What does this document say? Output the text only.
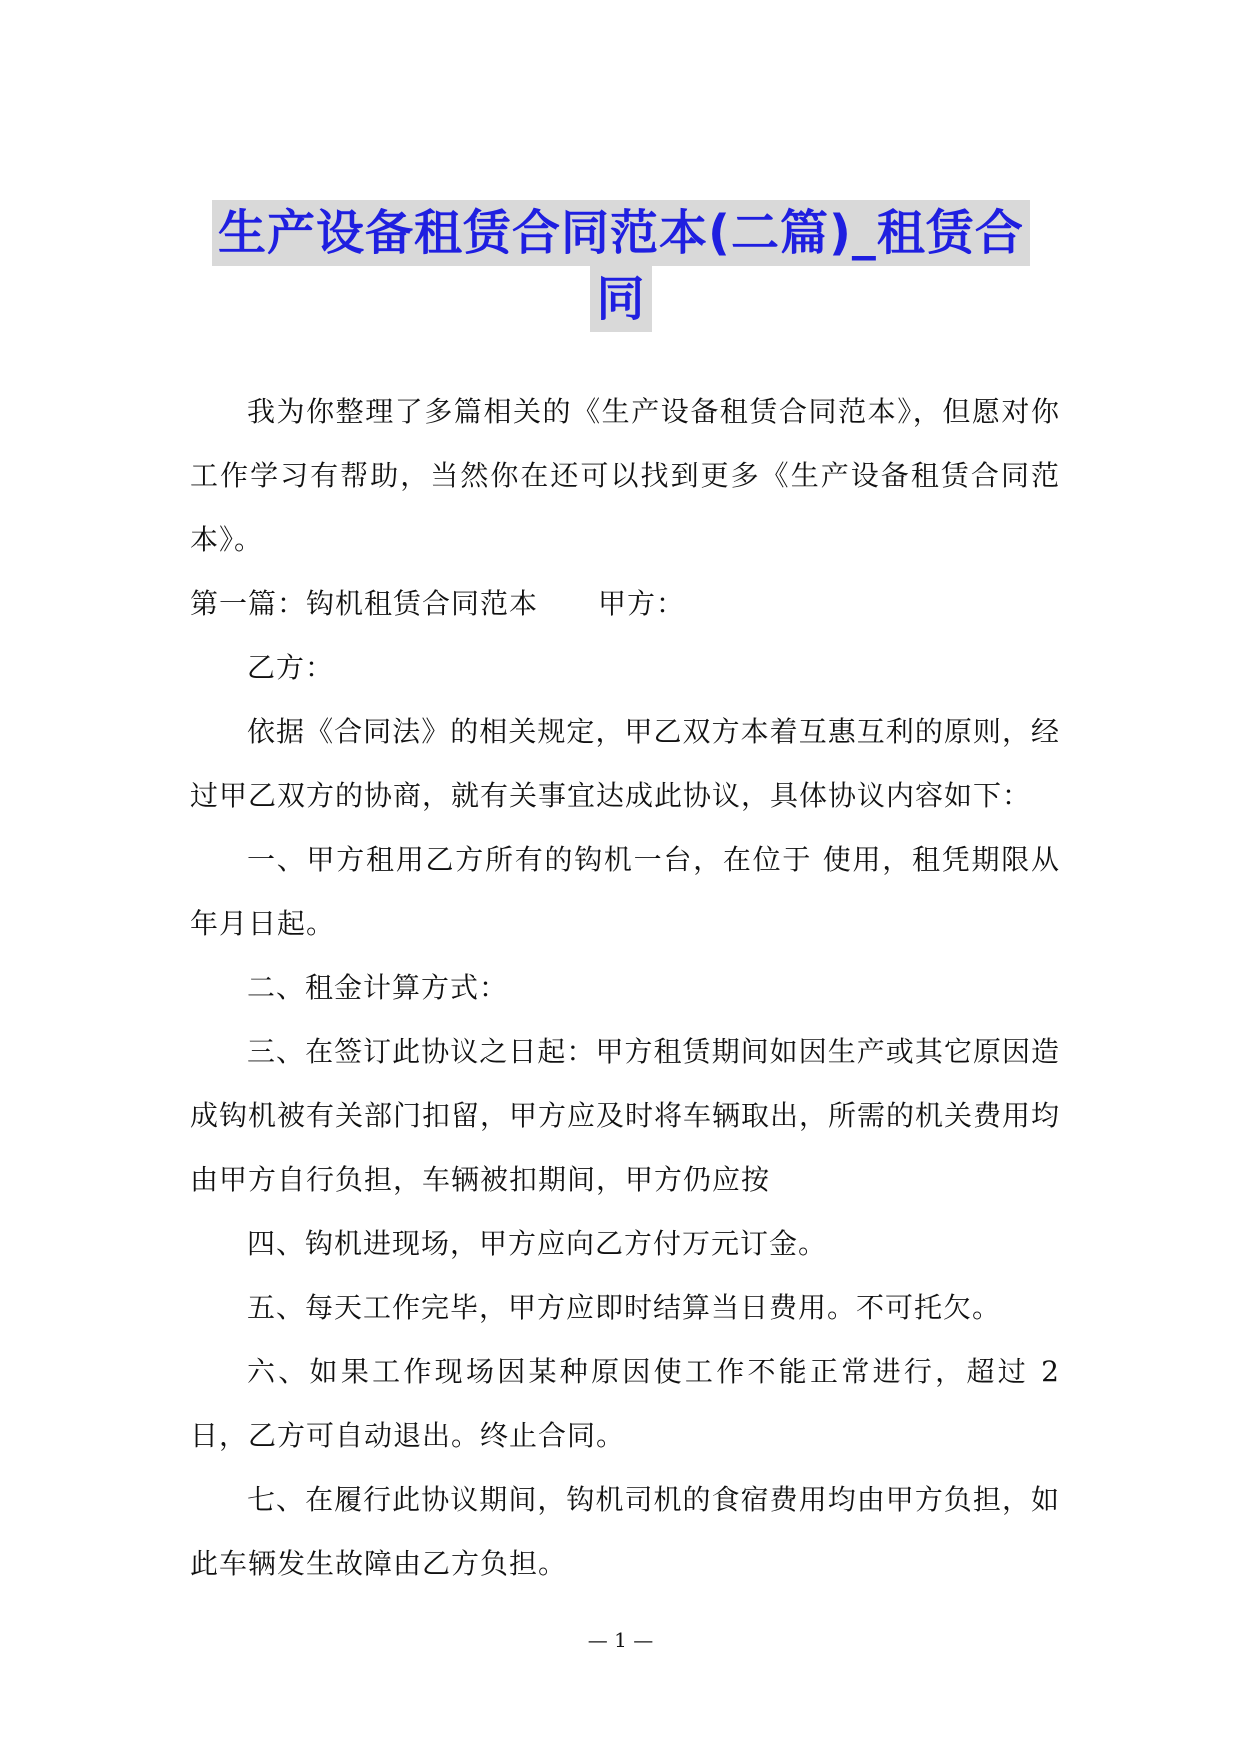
生产设备租赁合同范本(二篇)_租赁合
同

我为你整理了多篇相关的《生产设备租赁合同范本》，但愿对你工作学习有帮助，当然你在还可以找到更多《生产设备租赁合同范本》。

第一篇：钩机租赁合同范本 甲方：

乙方：

依据《合同法》的相关规定，甲乙双方本着互惠互利的原则，经过甲乙双方的协商，就有关事宜达成此协议，具体协议内容如下：

一、甲方租用乙方所有的钩机一台，在位于 使用，租凭期限从年月日起。

二、租金计算方式：

三、在签订此协议之日起：甲方租赁期间如因生产或其它原因造成钩机被有关部门扣留，甲方应及时将车辆取出，所需的机关费用均由甲方自行负担，车辆被扣期间，甲方仍应按

四、钩机进现场，甲方应向乙方付万元订金。

五、每天工作完毕，甲方应即时结算当日费用。不可托欠。

六、如果工作现场因某种原因使工作不能正常进行，超过 2 日，乙方可自动退出。终止合同。

七、在履行此协议期间，钩机司机的食宿费用均由甲方负担，如此车辆发生故障由乙方负担。

— 1 —
